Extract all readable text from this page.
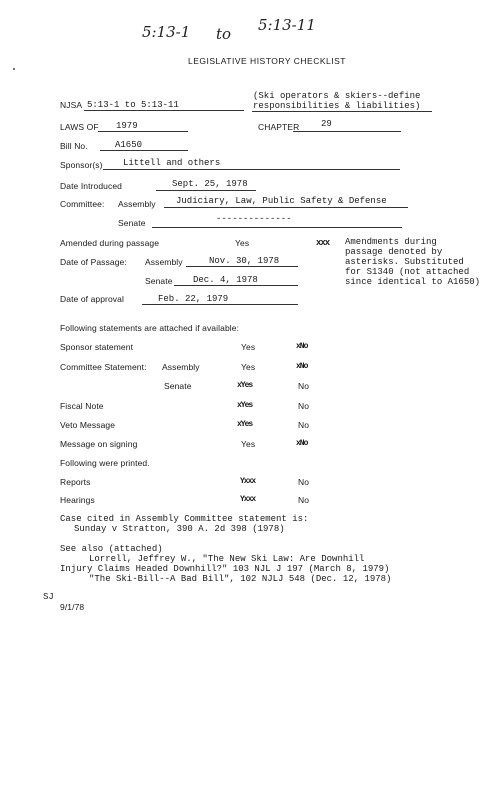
5:13-1 to 5:13-11
LEGISLATIVE HISTORY CHECKLIST
NJSA 5:13-1 to 5:13-11
(Ski operators & skiers--define
responsibilities & liabilities)
LAWS OF 1979	CHAPTER 29
Bill No.	A1650
Sponsor(s) Littell and others
Date Introduced	Sept. 25, 1978
Committee: Assembly Judiciary, Law, Public Safety & Defense
Senate	--------------
Amended during passage	Yes	xxx Amendments during
passage denoted by
asterisks. Substituted
for S1340 (not attached
since identical to A1650)
Date of Passage: Assembly	Nov. 30, 1978
Senate Dec. 4, 1978
Date of approval	Feb. 22, 1979
Following statements are attached if available:
Sponsor statement	Yes	xNo
Committee Statement: Assembly	Yes	xNo
Senate	xYes	No
Fiscal Note	xYes	No
Veto Message	xYes	No
Message on signing	Yes	xNo
Following were printed.
Reports	Yxxx	No
Hearings	Yxxx	No
Case cited in Assembly Committee statement is:
Sunday v Stratton, 390 A. 2d 398 (1978)
See also (attached)
Lorrell, Jeffrey W., "The New Ski Law: Are Downhill
Injury Claims Headed Downhill?" 103 NJL J 197 (March 8, 1979)
"The Ski-Bill--A Bad Bill", 102 NJLJ 548 (Dec. 12, 1978)
SJ
9/1/78
